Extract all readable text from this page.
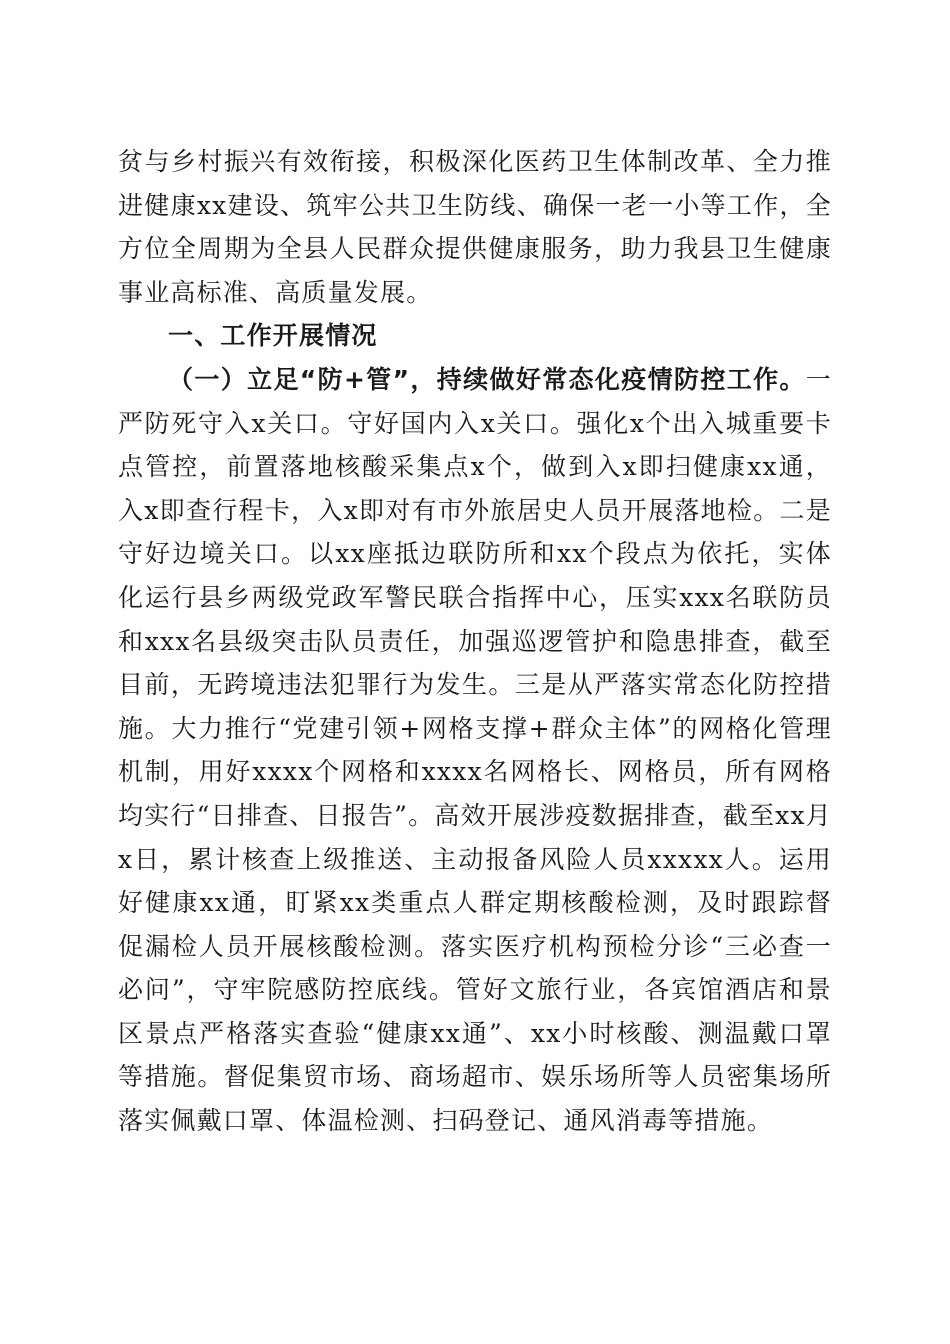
贫与乡村振兴有效衔接，积极深化医药卫生体制改革、全力推进健康xx建设、筑牢公共卫生防线、确保一老一小等工作，全方位全周期为全县人民群众提供健康服务，助力我县卫生健康事业高标准、高质量发展。

一、工作开展情况

（一）立足“防+管”，持续做好常态化疫情防控工作。一严防死守入x关口。守好国内入x关口。强化x个出入城重要卡点管控，前置落地核酸采集点x个，做到入x即扫健康xx通，入x即查行程卡，入x即对有市外旅居史人员开展落地检。二是守好边境关口。以xx座抵边联防所和xx个段点为依托，实体化运行县乡两级党政军警民联合指挥中心，压实xxx名联防员和xxx名县级突击队员责任，加强巡逻管护和隐患排查，截至目前，无跨境违法犯罪行为发生。三是从严落实常态化防控措施。大力推行“党建引领+网格支撑+群众主体”的网格化管理机制，用好xxxx个网格和xxxx名网格长、网格员，所有网格均实行“日排查、日报告”。高效开展涉疫数据排查，截至xx月x日，累计核查上级推送、主动报备风险人员xxxxx人。运用好健康xx通，盯紧xx类重点人群定期核酸检测，及时跟踪督促漏检人员开展核酸检测。落实医疗机构预检分诊“三必查一必问”，守牢院感防控底线。管好文旅行业，各宾馆酒店和景区景点严格落实查验“健康xx通”、xx小时核酸、测温戴口罩等措施。督促集贸市场、商场超市、娱乐场所等人员密集场所落实佩戴口罩、体温检测、扫码登记、通风消毒等措施。
